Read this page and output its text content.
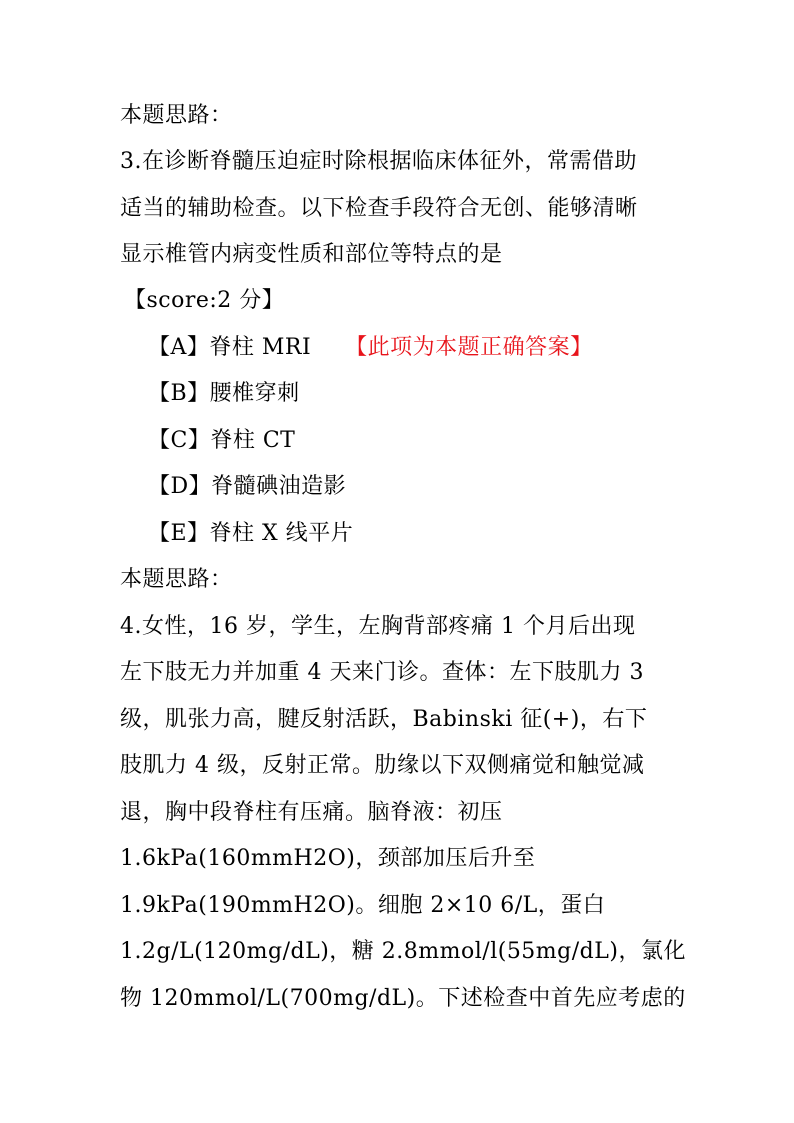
本题思路：
3.在诊断脊髓压迫症时除根据临床体征外，常需借助
适当的辅助检查。以下检查手段符合无创、能够清晰
显示椎管内病变性质和部位等特点的是
【score:2 分】
【A】脊柱 MRI 【此项为本题正确答案】
【B】腰椎穿刺
【C】脊柱 CT
【D】脊髓碘油造影
【E】脊柱 X 线平片
本题思路：
4.女性，16 岁，学生，左胸背部疼痛 1 个月后出现
左下肢无力并加重 4 天来门诊。查体：左下肢肌力 3
级，肌张力高，腱反射活跃，Babinski 征(+)，右下
肢肌力 4 级，反射正常。肋缘以下双侧痛觉和触觉减
退，胸中段脊柱有压痛。脑脊液：初压
1.6kPa(160mmH2O)，颈部加压后升至
1.9kPa(190mmH2O)。细胞 2×10 6/L，蛋白
1.2g/L(120mg/dL)，糖 2.8mmol/l(55mg/dL)，氯化
物 120mmol/L(700mg/dL)。下述检查中首先应考虑的
